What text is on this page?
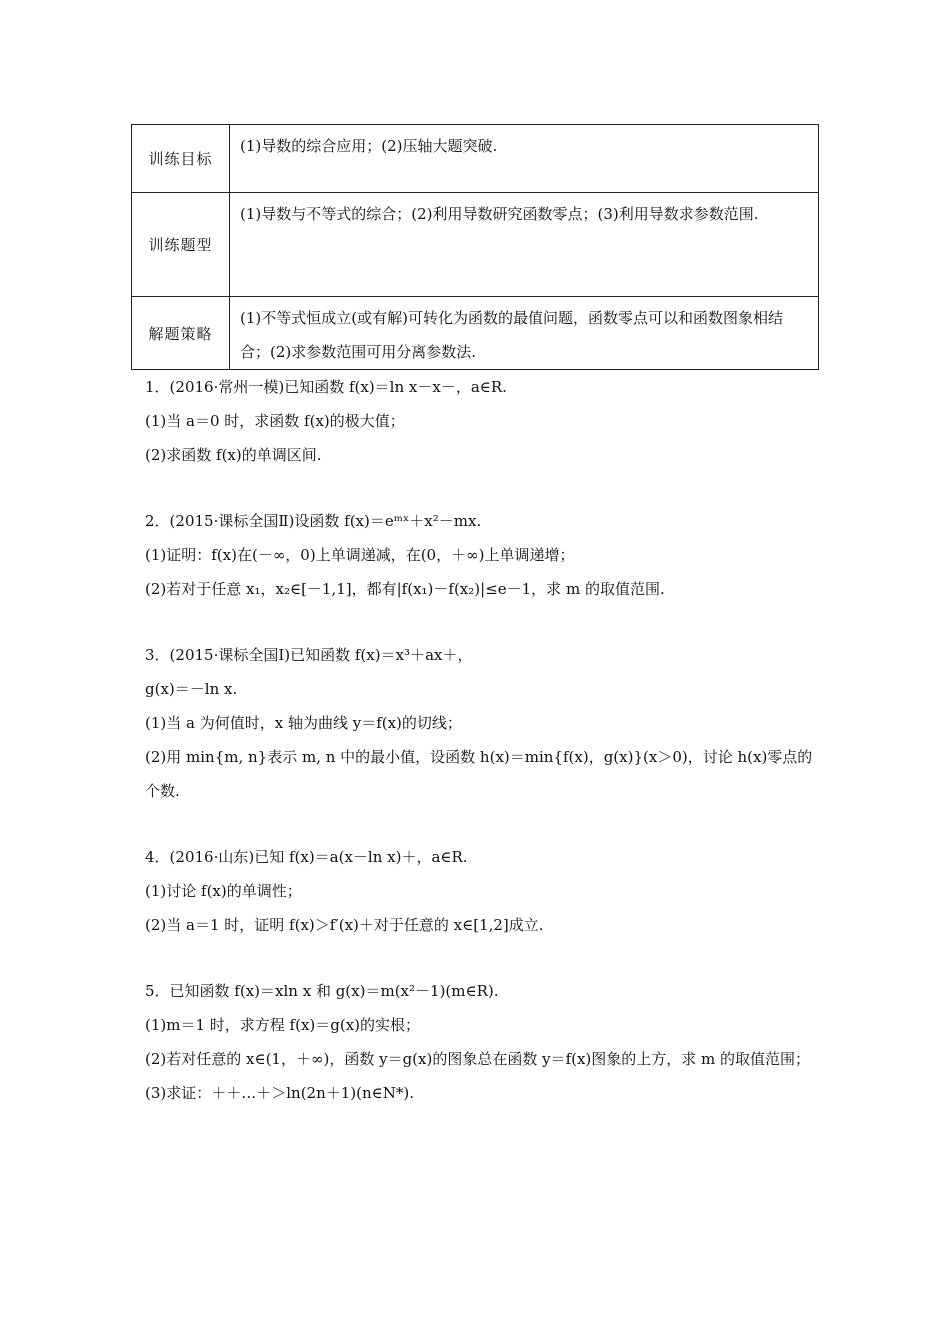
训练目标	(1)导数的综合应用；(2)压轴大题突破.
训练题型	(1)导数与不等式的综合；(2)利用导数研究函数零点；(3)利用导数求参数范围.
解题策略	(1)不等式恒成立(或有解)可转化为函数的最值问题，函数零点可以和函数图象相结合；(2)求参数范围可用分离参数法.
1．(2016·常州一模)已知函数 f(x)＝ln x－x－，a∈R.
(1)当 a＝0 时，求函数 f(x)的极大值；
(2)求函数 f(x)的单调区间.
2．(2015·课标全国Ⅱ)设函数 f(x)＝eᵐˣ＋x²－mx.
(1)证明：f(x)在(－∞，0)上单调递减，在(0，＋∞)上单调递增；
(2)若对于任意 x₁，x₂∈[－1,1]，都有|f(x₁)－f(x₂)|≤e－1，求 m 的取值范围.
3．(2015·课标全国Ⅰ)已知函数 f(x)＝x³＋ax＋，
g(x)＝－ln x.
(1)当 a 为何值时，x 轴为曲线 y＝f(x)的切线；
(2)用 min{m, n}表示 m, n 中的最小值，设函数 h(x)＝min{f(x)，g(x)}(x＞0)，讨论 h(x)零点的个数.
4．(2016·山东)已知 f(x)＝a(x－ln x)＋，a∈R.
(1)讨论 f(x)的单调性；
(2)当 a＝1 时，证明 f(x)＞f′(x)＋对于任意的 x∈[1,2]成立.
5．已知函数 f(x)＝xln x 和 g(x)＝m(x²－1)(m∈R).
(1)m＝1 时，求方程 f(x)＝g(x)的实根；
(2)若对任意的 x∈(1，＋∞)，函数 y＝g(x)的图象总在函数 y＝f(x)图象的上方，求 m 的取值范围；
(3)求证：＋＋…＋＞ln(2n＋1)(n∈N*).
